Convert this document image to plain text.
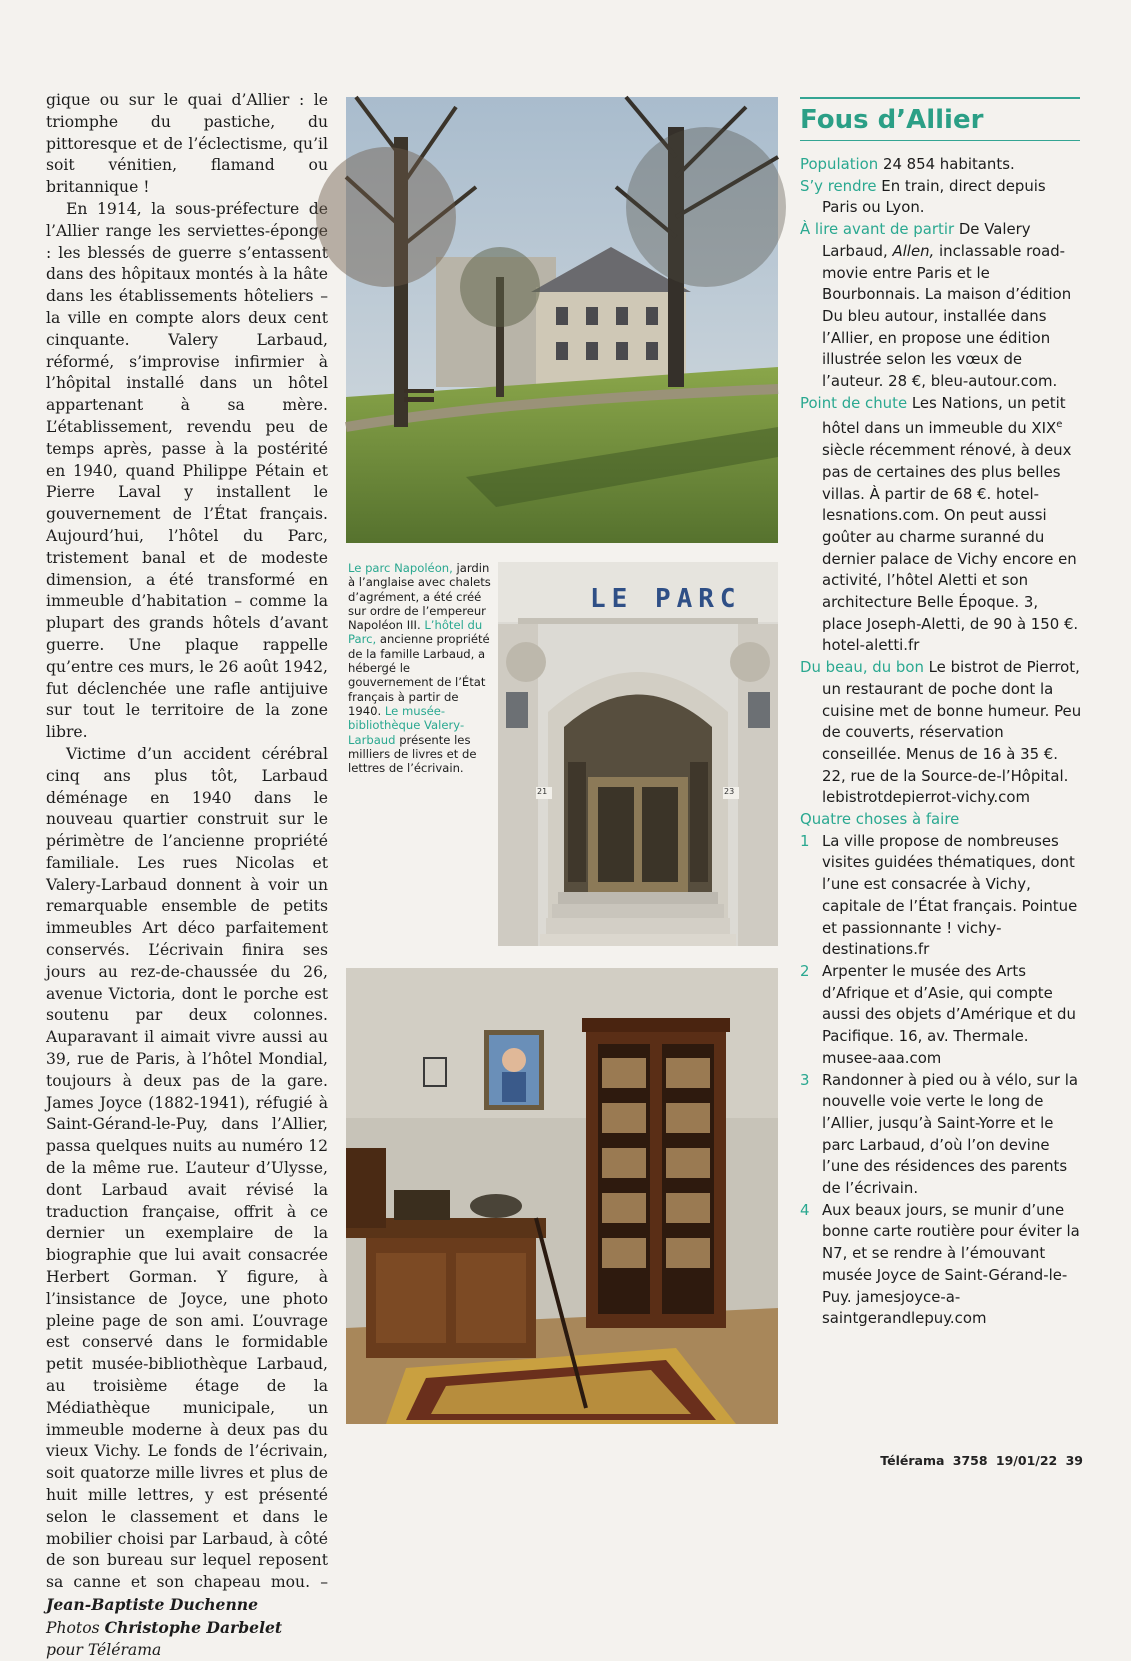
gique ou sur le quai d’Allier : le triomphe du pastiche, du pittoresque et de l’éclectisme, qu’il soit vénitien, flamand ou britannique !

En 1914, la sous-préfecture de l’Allier range les serviettes-éponge : les blessés de guerre s’entassent dans des hôpitaux montés à la hâte dans les établissements hôteliers – la ville en compte alors deux cent cinquante. Valery Larbaud, réformé, s’improvise infirmier à l’hôpital installé dans un hôtel appartenant à sa mère. L’établissement, revendu peu de temps après, passe à la postérité en 1940, quand Philippe Pétain et Pierre Laval y installent le gouvernement de l’État français. Aujourd’hui, l’hôtel du Parc, tristement banal et de modeste dimension, a été transformé en immeuble d’habitation – comme la plupart des grands hôtels d’avant guerre. Une plaque rappelle qu’entre ces murs, le 26 août 1942, fut déclenchée une rafle antijuive sur tout le territoire de la zone libre.

Victime d’un accident cérébral cinq ans plus tôt, Larbaud déménage en 1940 dans le nouveau quartier construit sur le périmètre de l’ancienne propriété familiale. Les rues Nicolas et Valery-Larbaud donnent à voir un remarquable ensemble de petits immeubles Art déco parfaitement conservés. L’écrivain finira ses jours au rez-de-chaussée du 26, avenue Victoria, dont le porche est soutenu par deux colonnes. Auparavant il aimait vivre aussi au 39, rue de Paris, à l’hôtel Mondial, toujours à deux pas de la gare. James Joyce (1882-1941), réfugié à Saint-Gérand-le-Puy, dans l’Allier, passa quelques nuits au numéro 12 de la même rue. L’auteur d’Ulysse, dont Larbaud avait révisé la traduction française, offrit à ce dernier un exemplaire de la biographie que lui avait consacrée Herbert Gorman. Y figure, à l’insistance de Joyce, une photo pleine page de son ami. L’ouvrage est conservé dans le formidable petit musée-bibliothèque Larbaud, au troisième étage de la Médiathèque municipale, un immeuble moderne à deux pas du vieux Vichy. Le fonds de l’écrivain, soit quatorze mille livres et plus de huit mille lettres, y est présenté selon le classement et dans le mobilier choisi par Larbaud, à côté de son bureau sur lequel reposent sa canne et son chapeau mou. –Jean-Baptiste Duchenne

Photos Christophe Darbelet
pour Télérama

Le parc Napoléon, jardin à l’anglaise avec chalets d’agrément, a été créé sur ordre de l’empereur Napoléon III. L’hôtel du Parc, ancienne propriété de la famille Larbaud, a hébergé le gouvernement de l’État français à partir de 1940. Le musée-bibliothèque Valery-Larbaud présente les milliers de livres et de lettres de l’écrivain.
LE PARC
21	23
Fous d’Allier
Population 24 854 habitants.
S’y rendre En train, direct depuis Paris ou Lyon.
À lire avant de partir De Valery Larbaud, Allen, inclassable road-movie entre Paris et le Bourbonnais. La maison d’édition Du bleu autour, installée dans l’Allier, en propose une édition illustrée selon les vœux de l’auteur. 28 €, bleu-autour.com.
Point de chute Les Nations, un petit hôtel dans un immeuble du XIXe siècle récemment rénové, à deux pas de certaines des plus belles villas. À partir de 68 €. hotel-lesnations.com. On peut aussi goûter au charme suranné du dernier palace de Vichy encore en activité, l’hôtel Aletti et son architecture Belle Époque. 3, place Joseph-Aletti, de 90 à 150 €. hotel-aletti.fr
Du beau, du bon Le bistrot de Pierrot, un restaurant de poche dont la cuisine met de bonne humeur. Peu de couverts, réservation conseillée. Menus de 16 à 35 €. 22, rue de la Source-de-l’Hôpital. lebistrotdepierrot-vichy.com
Quatre choses à faire
1 La ville propose de nombreuses visites guidées thématiques, dont l’une est consacrée à Vichy, capitale de l’État français. Pointue et passionnante ! vichy-destinations.fr
2 Arpenter le musée des Arts d’Afrique et d’Asie, qui compte aussi des objets d’Amérique et du Pacifique. 16, av. Thermale. musee-aaa.com
3 Randonner à pied ou à vélo, sur la nouvelle voie verte le long de l’Allier, jusqu’à Saint-Yorre et le parc Larbaud, d’où l’on devine l’une des résidences des parents de l’écrivain.
4 Aux beaux jours, se munir d’une bonne carte routière pour éviter la N7, et se rendre à l’émouvant musée Joyce de Saint-Gérand-le-Puy. jamesjoyce-a-saintgerandlepuy.com
Télérama 3758 19/01/22 39
